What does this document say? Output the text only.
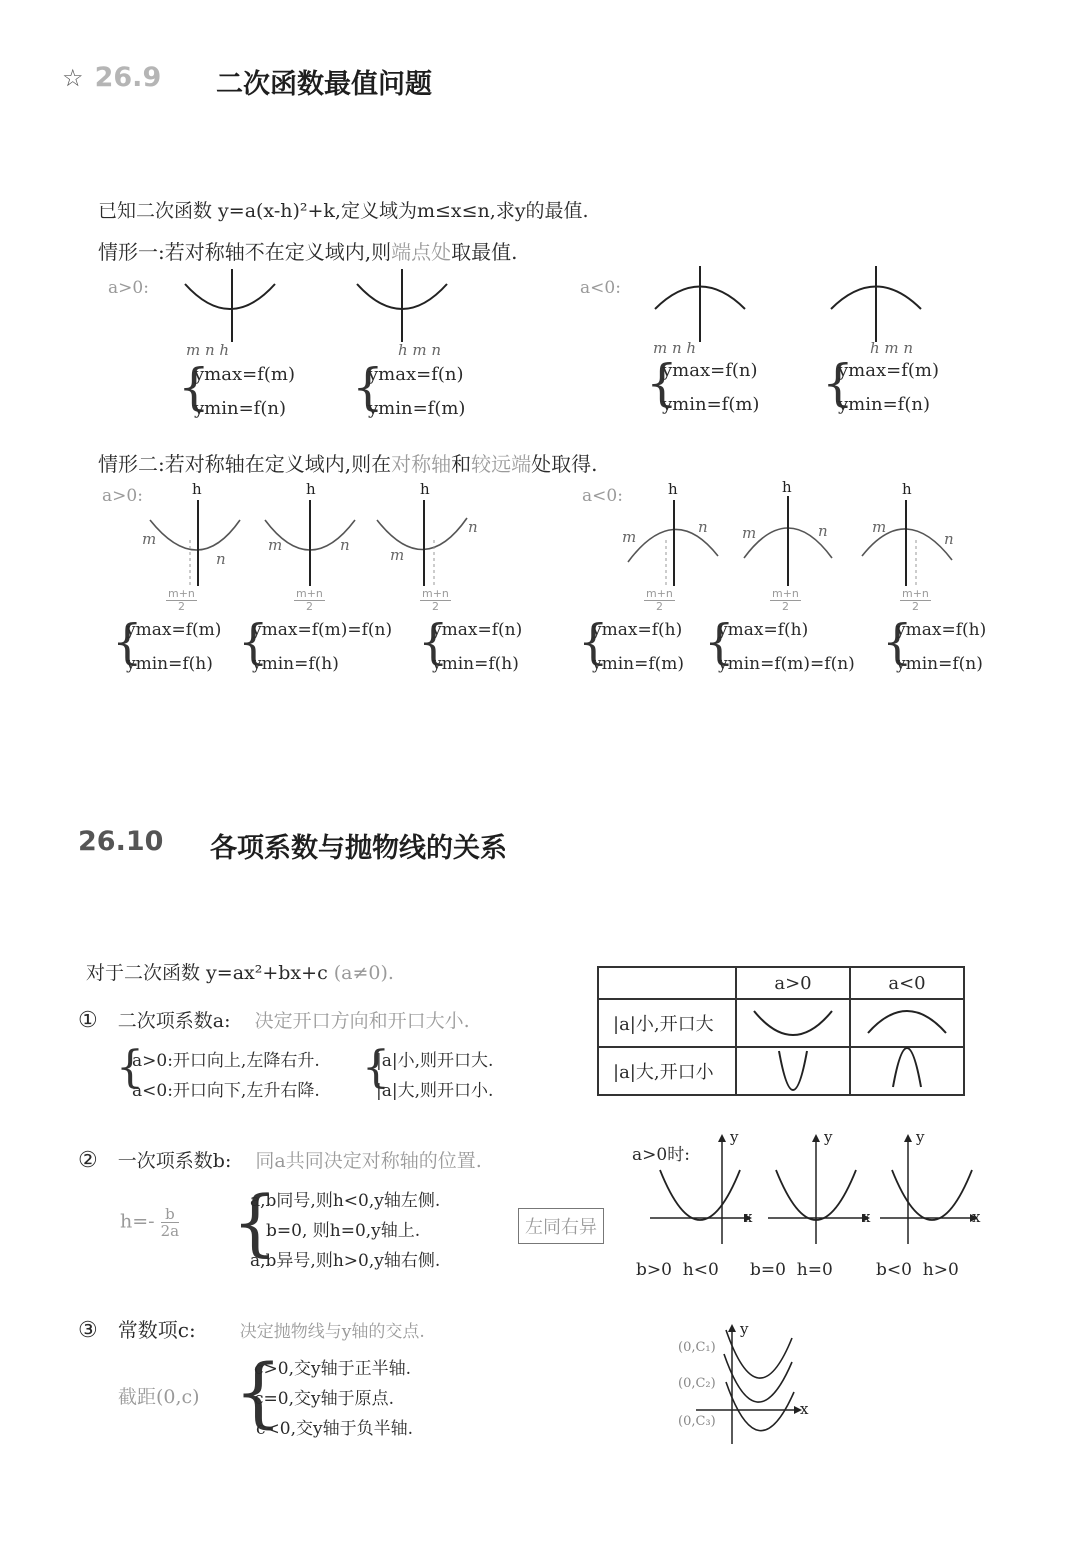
☆ 26.9 二次函数最值问题
已知二次函数 y=a(x-h)²+k,定义域为m≤x≤n,求y的最值.
情形一:若对称轴不在定义域内,则端点处取最值.
a>0:	a<0:
m n h	h m n	m n h	h m n
{
ymax=f(m)
ymin=f(n) {
ymax=f(n)
ymin=f(m)	{
ymax=f(n)
ymin=f(m) {
ymax=f(m)
ymin=f(n)
情形二:若对称轴在定义域内,则在对称轴和较远端处取得.
a>0:	a<0:
h
m
n
$\frac{m+n}{2}$
h
m	n
$\frac{m+n}{2}$
h
m
n
$\frac{m+n}{2}$
h
m
n
$\frac{m+n}{2}$
h
m	n
$\frac{m+n}{2}$
h
m
n
$\frac{m+n}{2}$
{
ymax=f(m)
ymin=f(h) {
ymax=f(m)=f(n)
ymin=f(h) {
ymax=f(n)
ymin=f(h) {
ymax=f(h)
ymin=f(m) {
ymax=f(h)
ymin=f(m)=f(n) {
ymax=f(h)
ymin=f(n)
26.10 各项系数与抛物线的关系
对于二次函数 y=ax²+bx+c (a≠0).
		a>0	a<0
|a|小,开口大		
|a|大,开口小		
① 二次项系数a: 决定开口方向和开口大小.
{
a>0:开口向上,左降右升.
a<0:开口向下,左升右降. {
|a|小,则开口大.
|a|大,则开口小.
② 一次项系数b: 同a共同决定对称轴的位置.
$h=- \frac{b}{2a}$ {
a,b同号,则h<0,y轴左侧.
b=0, 则h=0,y轴上.
a,b异号,则h>0,y轴右侧.
左同右异
a>0时:
x
y
x
y
x
y
b>0  h<0 b=0  h=0	b<0  h>0
③ 常数项c:	决定抛物线与y轴的交点.
截距(0,c) {
c>0,交y轴于正半轴.
c=0,交y轴于原点.
c<0,交y轴于负半轴.
x
y
(0,C₁)
(0,C₂)
(0,C₃)
